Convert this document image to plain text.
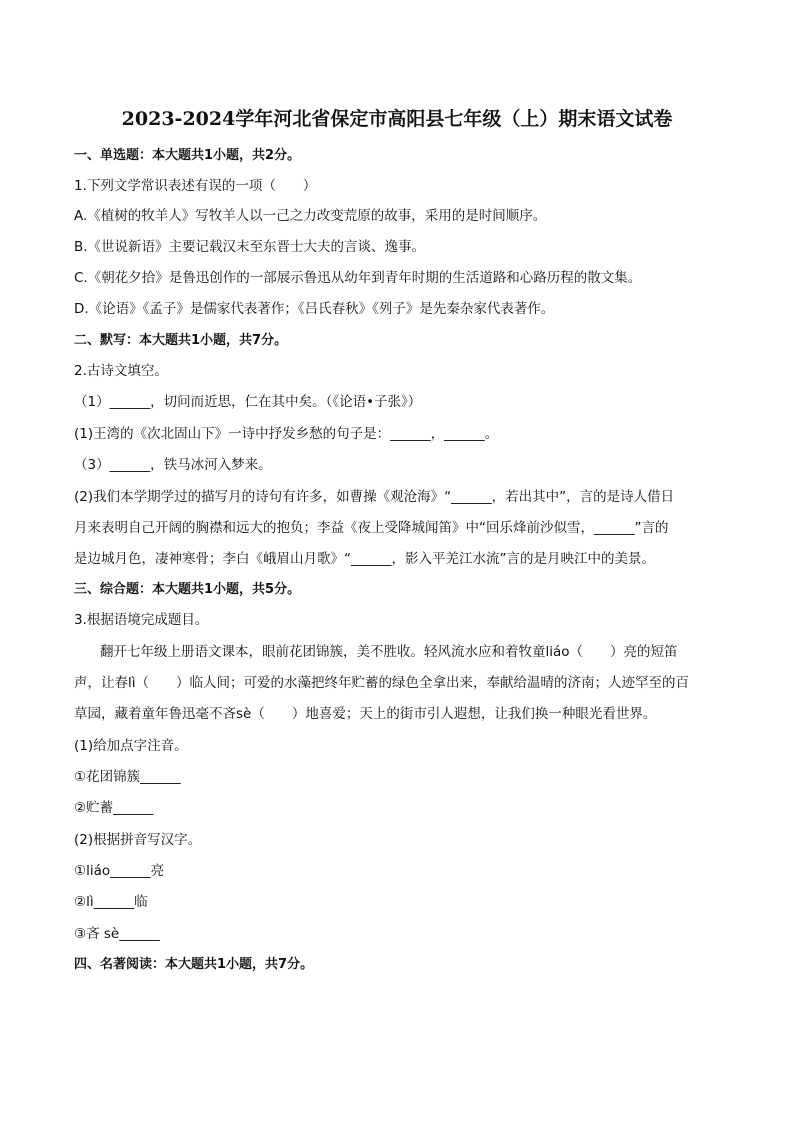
2023-2024学年河北省保定市高阳县七年级（上）期末语文试卷
一、单选题：本大题共1小题，共2分。
1.下列文学常识表述有误的一项（　　）
A.《植树的牧羊人》写牧羊人以一己之力改变荒原的故事，采用的是时间顺序。
B.《世说新语》主要记载汉末至东晋士大夫的言谈、逸事。
C.《朝花夕拾》是鲁迅创作的一部展示鲁迅从幼年到青年时期的生活道路和心路历程的散文集。
D.《论语》《孟子》是儒家代表著作；《吕氏春秋》《列子》是先秦杂家代表著作。
二、默写：本大题共1小题，共7分。
2.古诗文填空。
（1）______，切问而近思，仁在其中矣。（《论语•子张》）
(1)王湾的《次北固山下》一诗中抒发乡愁的句子是：______，______。
（3）______，铁马冰河入梦来。
(2)我们本学期学过的描写月的诗句有许多，如曹操《观沧海》“______，若出其中”，言的是诗人借日
月来表明自己开阔的胸襟和远大的抱负；李益《夜上受降城闻笛》中“回乐烽前沙似雪，______”言的
是边城月色，凄神寒骨；李白《峨眉山月歌》“______，影入平羌江水流”言的是月映江中的美景。
三、综合题：本大题共1小题，共5分。
3.根据语境完成题目。
翻开七年级上册语文课本，眼前花团锦簇，美不胜收。轻风流水应和着牧童liáo（　　）亮的短笛
声，让春lì（　　）临人间；可爱的水藻把终年贮蓄的绿色全拿出来，奉献给温晴的济南；人迹罕至的百
草园，藏着童年鲁迅毫不吝sè（　　）地喜爱；天上的街市引人遐想，让我们换一种眼光看世界。
(1)给加点字注音。
①花团锦簇______
②贮蓄______
(2)根据拼音写汉字。
①liáo______亮
②lì______临
③吝 sè______
四、名著阅读：本大题共1小题，共7分。
